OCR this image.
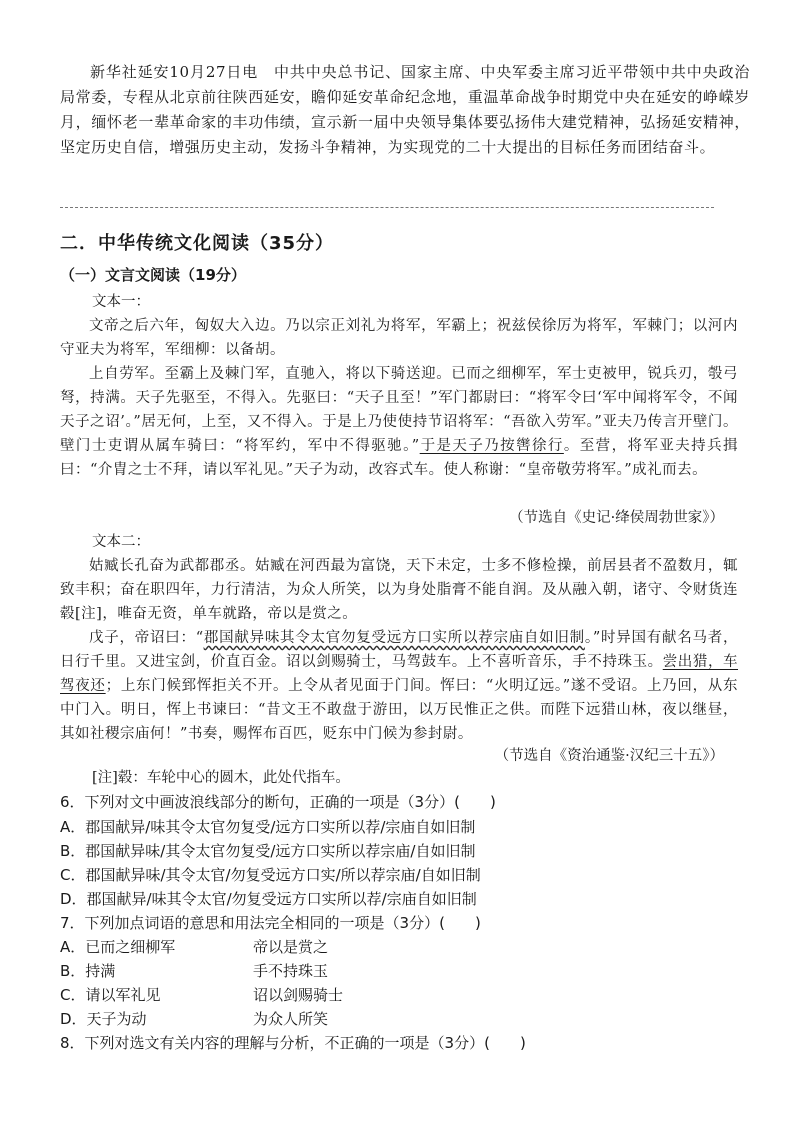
新华社延安10月27日电　中共中央总书记、国家主席、中央军委主席习近平带领中共中央政治局常委，专程从北京前往陕西延安，瞻仰延安革命纪念地，重温革命战争时期党中央在延安的峥嵘岁月，缅怀老一辈革命家的丰功伟绩，宣示新一届中央领导集体要弘扬伟大建党精神，弘扬延安精神，坚定历史自信，增强历史主动，发扬斗争精神，为实现党的二十大提出的目标任务而团结奋斗。
二．中华传统文化阅读（35分）
（一）文言文阅读（19分）
文本一：

文帝之后六年，匈奴大入边。乃以宗正刘礼为将军，军霸上；祝兹侯徐厉为将军，军棘门；以河内守亚夫为将军，军细柳：以备胡。

上自劳军。至霸上及棘门军，直驰入，将以下骑送迎。已而之细柳军，军士吏被甲，锐兵刃，彀弓弩，持满。天子先驱至，不得入。先驱曰：“天子且至！”军门都尉曰：“将军令曰‘军中闻将军令，不闻天子之诏’。”居无何，上至，又不得入。于是上乃使使持节诏将军：“吾欲入劳军。”亚夫乃传言开壁门。壁门士吏谓从属车骑曰：“将军约，军中不得驱驰。”于是天子乃按辔徐行。至营，将军亚夫持兵揖曰：“介胄之士不拜，请以军礼见。”天子为动，改容式车。使人称谢：“皇帝敬劳将军。”成礼而去。

（节选自《史记·绛侯周勃世家》）
文本二：

姑臧长孔奋为武都郡丞。姑臧在河西最为富饶，天下未定，士多不修检操，前居县者不盈数月，辄致丰积；奋在职四年，力行清洁，为众人所笑，以为身处脂膏不能自润。及从融入朝，诸守、令财货连毂[注]，唯奋无资，单车就路，帝以是赏之。

戊子，帝诏曰：“郡国献异味其令太官勿复受远方口实所以荐宗庙自如旧制。”时异国有献名马者，日行千里。又进宝剑，价直百金。诏以剑赐骑士，马驾鼓车。上不喜听音乐，手不持珠玉。尝出猎，车驾夜还；上东门候郅恽拒关不开。上令从者见面于门间。恽曰：“火明辽远。”遂不受诏。上乃回，从东中门入。明日，恽上书谏曰：“昔文王不敢盘于游田，以万民惟正之供。而陛下远猎山林，夜以继昼，其如社稷宗庙何！”书奏，赐恽布百匹，贬东中门候为参封尉。

（节选自《资治通鉴·汉纪三十五》）
[注]毂：车轮中心的圆木，此处代指车。
6．下列对文中画波浪线部分的断句，正确的一项是（3分）(　　)
A．郡国献异/味其令太官勿复受/远方口实所以荐/宗庙自如旧制
B．郡国献异味/其令太官勿复受/远方口实所以荐宗庙/自如旧制
C．郡国献异味/其令太官/勿复受远方口实/所以荐宗庙/自如旧制
D．郡国献异/味其令太官/勿复受远方口实所以荐/宗庙自如旧制
7．下列加点词语的意思和用法完全相同的一项是（3分）(　　)
A．已而之细柳军	帝以是赏之
B．持满	手不持珠玉
C．请以军礼见	诏以剑赐骑士
D．天子为动	为众人所笑
8．下列对选文有关内容的理解与分析，不正确的一项是（3分）(　　)
